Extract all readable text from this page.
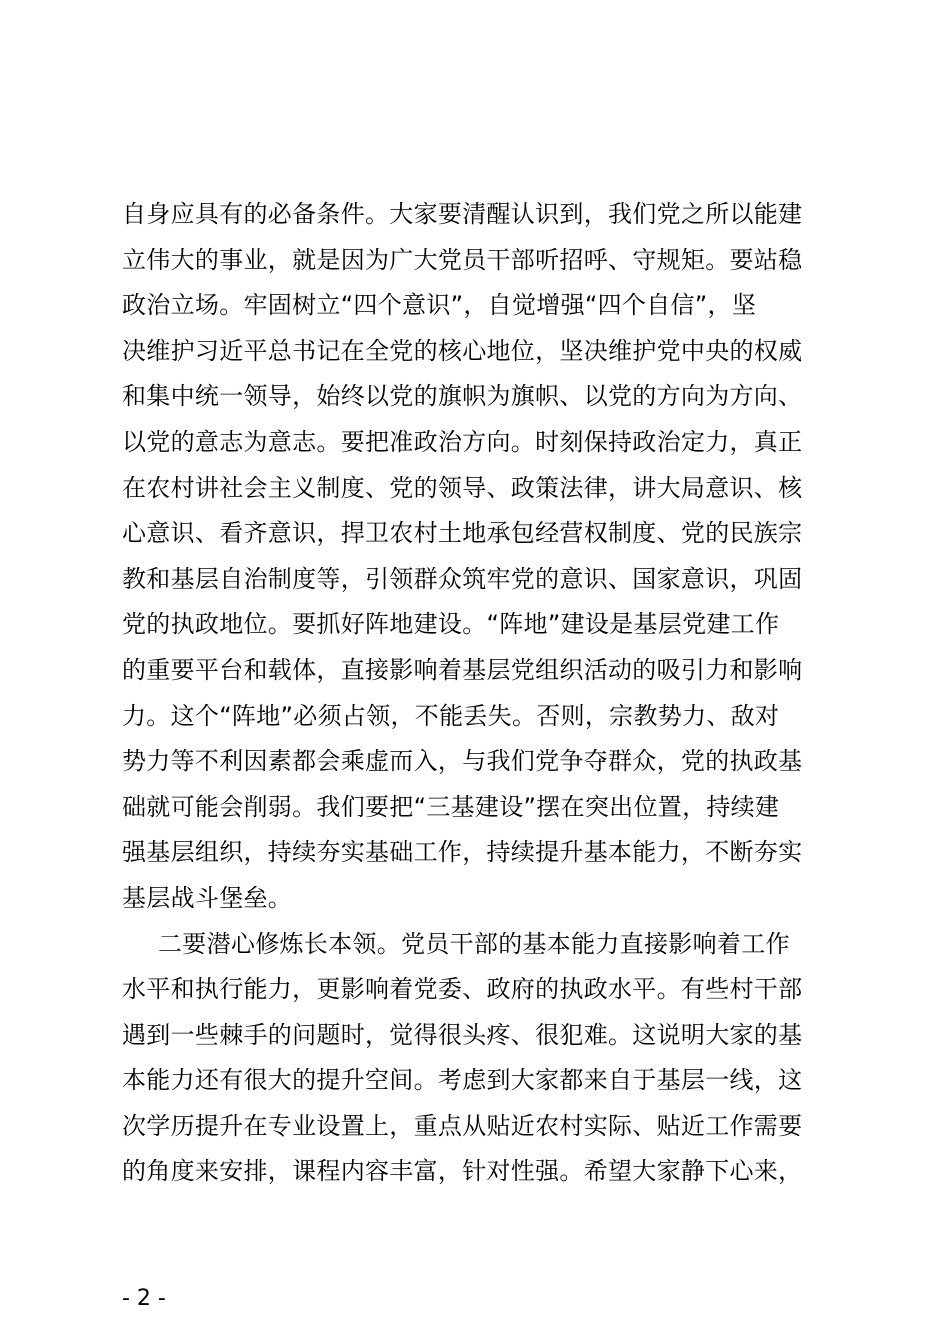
自身应具有的必备条件。大家要清醒认识到，我们党之所以能建
立伟大的事业，就是因为广大党员干部听招呼、守规矩。要站稳
政治立场。牢固树立“四个意识”，自觉增强“四个自信”，坚
决维护习近平总书记在全党的核心地位，坚决维护党中央的权威
和集中统一领导，始终以党的旗帜为旗帜、以党的方向为方向、
以党的意志为意志。要把准政治方向。时刻保持政治定力，真正
在农村讲社会主义制度、党的领导、政策法律，讲大局意识、核
心意识、看齐意识，捍卫农村土地承包经营权制度、党的民族宗
教和基层自治制度等，引领群众筑牢党的意识、国家意识，巩固
党的执政地位。要抓好阵地建设。“阵地”建设是基层党建工作
的重要平台和载体，直接影响着基层党组织活动的吸引力和影响
力。这个“阵地”必须占领，不能丢失。否则，宗教势力、敌对
势力等不利因素都会乘虚而入，与我们党争夺群众，党的执政基
础就可能会削弱。我们要把“三基建设”摆在突出位置，持续建
强基层组织，持续夯实基础工作，持续提升基本能力，不断夯实
基层战斗堡垒。
二要潜心修炼长本领。党员干部的基本能力直接影响着工作
水平和执行能力，更影响着党委、政府的执政水平。有些村干部
遇到一些棘手的问题时，觉得很头疼、很犯难。这说明大家的基
本能力还有很大的提升空间。考虑到大家都来自于基层一线，这
次学历提升在专业设置上，重点从贴近农村实际、贴近工作需要
的角度来安排，课程内容丰富，针对性强。希望大家静下心来，
- 2 -
